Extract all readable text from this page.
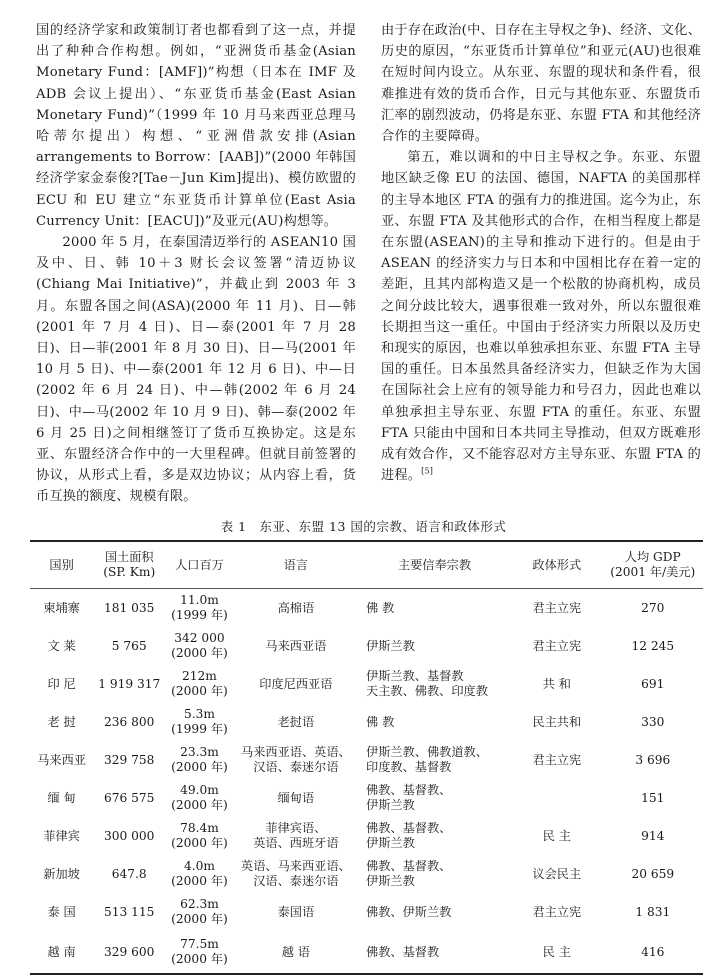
国的经济学家和政策制订者也都看到了这一点，并提出了种种合作构想。例如，“亚洲货币基金(Asian Monetary Fund：[AMF])”构想（日本在 IMF 及 ADB 会议上提出）、“东亚货币基金(East Asian Monetary Fund)”（1999 年 10 月马来西亚总理马哈蒂尔提出）构想、“亚洲借款安排(Asian arrangements to Borrow：[AAB])”(2000 年韩国经济学家金泰俊?[Tae－Jun Kim]提出)、模仿欧盟的 ECU 和 EU 建立“东亚货币计算单位(East Asia Currency Unit：[EACU])”及亚元(AU)构想等。

2000 年 5 月，在泰国清迈举行的 ASEAN10 国及中、日、韩 10＋3 财长会议签署“清迈协议(Chiang Mai Initiative)”，并截止到 2003 年 3 月。东盟各国之间(ASA)(2000 年 11 月)、日—韩(2001 年 7 月 4 日)、日—泰(2001 年 7 月 28 日)、日—菲(2001 年 8 月 30 日)、日—马(2001 年 10 月 5 日)、中—泰(2001 年 12 月 6 日)、中—日(2002 年 6 月 24 日)、中—韩(2002 年 6 月 24 日)、中—马(2002 年 10 月 9 日)、韩—泰(2002 年 6 月 25 日)之间相继签订了货币互换协定。这是东亚、东盟经济合作中的一大里程碑。但就目前签署的协议，从形式上看，多是双边协议；从内容上看，货币互换的额度、规模有限。

由于存在政治(中、日存在主导权之争)、经济、文化、历史的原因，“东亚货币计算单位”和亚元(AU)也很难在短时间内设立。从东亚、东盟的现状和条件看，很难推进有效的货币合作，日元与其他东亚、东盟货币汇率的剧烈波动，仍将是东亚、东盟 FTA 和其他经济合作的主要障碍。

第五，难以调和的中日主导权之争。东亚、东盟地区缺乏像 EU 的法国、德国，NAFTA 的美国那样的主导本地区 FTA 的强有力的推进国。迄今为止，东亚、东盟 FTA 及其他形式的合作，在相当程度上都是在东盟(ASEAN)的主导和推动下进行的。但是由于 ASEAN 的经济实力与日本和中国相比存在着一定的差距，且其内部构造又是一个松散的协商机构，成员之间分歧比较大，遇事很难一致对外，所以东盟很难长期担当这一重任。中国由于经济实力所限以及历史和现实的原因，也难以单独承担东亚、东盟 FTA 主导国的重任。日本虽然具备经济实力，但缺乏作为大国在国际社会上应有的领导能力和号召力，因此也难以单独承担主导东亚、东盟 FTA 的重任。东亚、东盟 FTA 只能由中国和日本共同主导推动，但双方既难形成有效合作，又不能容忍对方主导东亚、东盟 FTA 的进程。[5]

表 1　东亚、东盟 13 国的宗教、语言和政体形式
国别	国土面积
(SP. Km)	人口百万	语言	主要信奉宗教	政体形式	人均 GDP
(2001 年/美元)

柬埔寨	181 035	11.0m
(1999 年)	高棉语	佛 教	君主立宪	270
文 莱	5 765	342 000
(2000 年)	马来西亚语	伊斯兰教	君主立宪	12 245
印 尼	1 919 317	212m
(2000 年)	印度尼西亚语	伊斯兰教、基督教
天主教、佛教、印度教	共 和	691
老 挝	236 800	5.3m
(1999 年)	老挝语	佛 教	民主共和	330
马来西亚	329 758	23.3m
(2000 年)	马来西亚语、英语、
汉语、泰迷尔语	伊斯兰教、佛教道教、
印度教、基督教	君主立宪	3 696
缅 甸	676 575	49.0m
(2000 年)	缅甸语	佛教、基督教、
伊斯兰教		151
菲律宾	300 000	78.4m
(2000 年)	菲律宾语、
英语、西班牙语	佛教、基督教、
伊斯兰教	民 主	914
新加坡	647.8	4.0m
(2000 年)	英语、马来西亚语、
汉语、泰迷尔语	佛教、基督教、
伊斯兰教	议会民主	20 659
泰 国	513 115	62.3m
(2000 年)	泰国语	佛教、伊斯兰教	君主立宪	1 831
越 南	329 600	77.5m
(2000 年)	越 语	佛教、基督教	民 主	416
